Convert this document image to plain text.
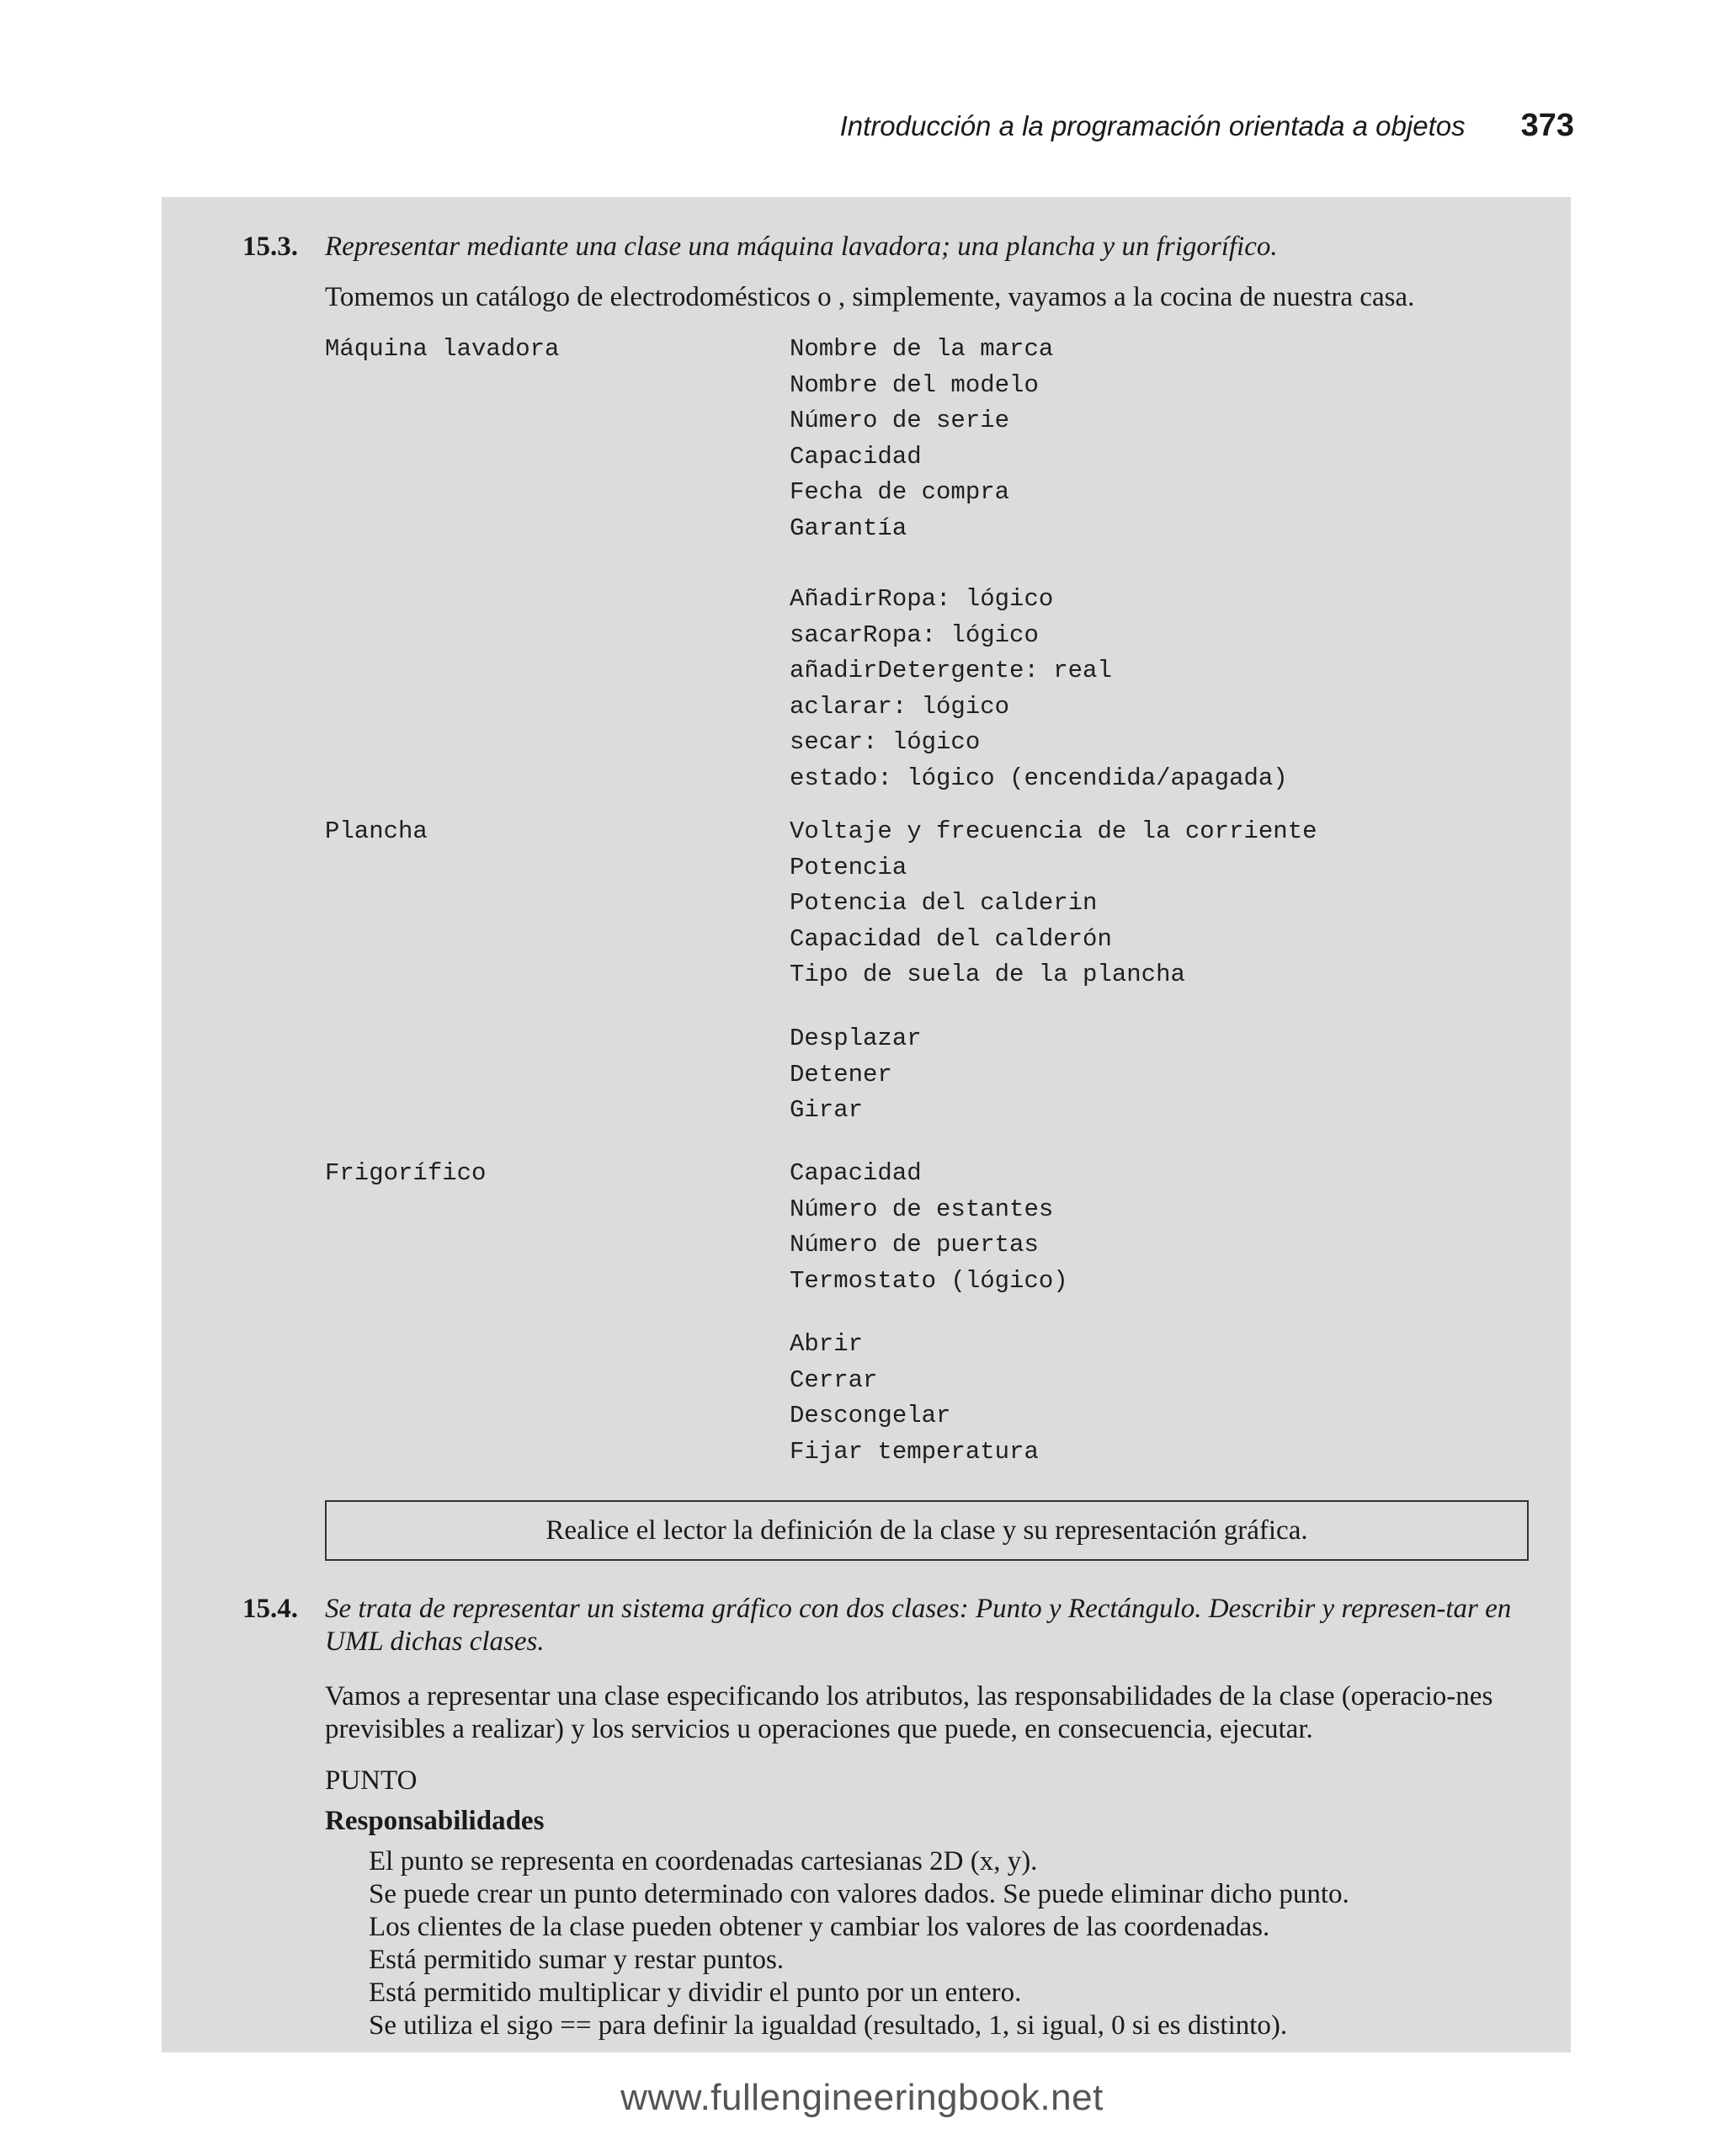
Introducción a la programación orientada a objetos 373
15.3. Representar mediante una clase una máquina lavadora; una plancha y un frigorífico.
Tomemos un catálogo de electrodomésticos o , simplemente, vayamos a la cocina de nuestra casa.
Máquina lavadora	Nombre de la marca
Nombre del modelo
Número de serie
Capacidad
Fecha de compra
Garantía
AñadirRopa: lógico
sacarRopa: lógico
añadirDetergente: real
aclarar: lógico
secar: lógico
estado: lógico (encendida/apagada)
Plancha	Voltaje y frecuencia de la corriente
Potencia
Potencia del calderin
Capacidad del calderón
Tipo de suela de la plancha
Desplazar
Detener
Girar
Frigorífico	Capacidad
Número de estantes
Número de puertas
Termostato (lógico)
Abrir
Cerrar
Descongelar
Fijar temperatura
Realice el lector la definición de la clase y su representación gráfica.
15.4. Se trata de representar un sistema gráfico con dos clases: Punto y Rectángulo. Describir y represen-tar en UML dichas clases.
Vamos a representar una clase especificando los atributos, las responsabilidades de la clase (operacio-nes previsibles a realizar) y los servicios u operaciones que puede, en consecuencia, ejecutar.
PUNTO
Responsabilidades
El punto se representa en coordenadas cartesianas 2D (x, y).
Se puede crear un punto determinado con valores dados. Se puede eliminar dicho punto.
Los clientes de la clase pueden obtener y cambiar los valores de las coordenadas.
Está permitido sumar y restar puntos.
Está permitido multiplicar y dividir el punto por un entero.
Se utiliza el sigo == para definir la igualdad (resultado, 1, si igual, 0 si es distinto).
www.fullengineeringbook.net
